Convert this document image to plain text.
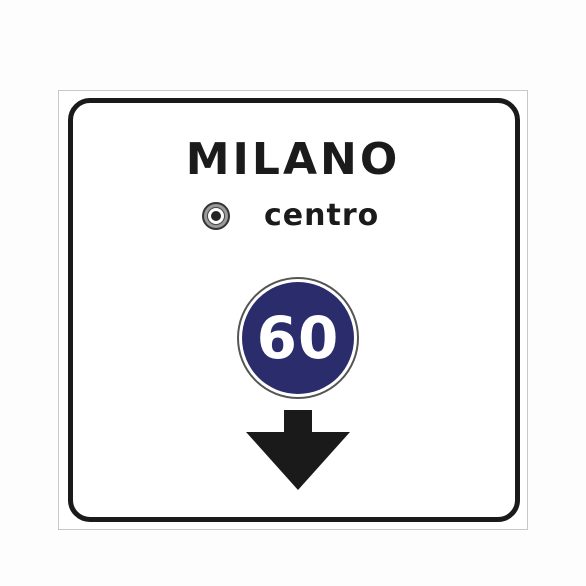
MILANO
centro
60
